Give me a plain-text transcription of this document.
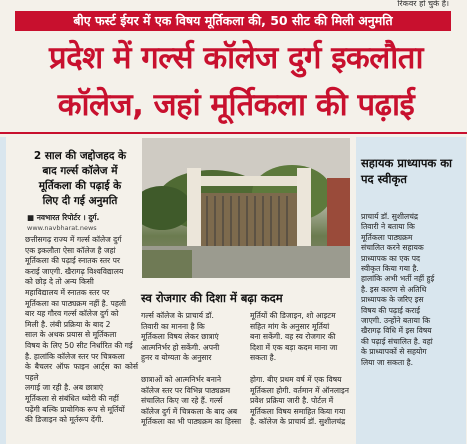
रिकवर हो चुके हैं।
बीए फर्स्ट ईयर में एक विषय मूर्तिकला की, 50 सीट की मिली अनुमति
प्रदेश में गर्ल्स कॉलेज दुर्ग इकलौता
कॉलेज, जहां मूर्तिकला की पढ़ाई
2 साल की जद्दोजहद के बाद गर्ल्स कॉलेज में मूर्तिकला की पढ़ाई के लिए दी गई अनुमति
■ नवभारत रिपोर्टर । दुर्ग.
www.navbharat.news
छत्तीसगढ़ राज्य में गर्ल्स कॉलेज दुर्ग
एक इकलौता ऐसा कॉलेज है जहां
मूर्तिकला की पढ़ाई स्नातक स्तर पर
कराई जाएगी. खैरागढ़ विश्वविद्यालय
को छोड़ दे तो अन्य किसी
महाविद्यालय में स्नातक स्तर पर
मूर्तिकला का पाठ्यक्रम नहीं है. पहली
बार यह गौरव गर्ल्स कॉलेज दुर्ग को
मिली है. लंबी प्रक्रिया के बाद 2
साल के अथक प्रयास से मूर्तिकला
विषय के लिए 50 सीट निर्धारित की गई
है. हालांकि कॉलेज स्तर पर चित्रकला
के बैचलर ऑफ फाइन आर्ट्स का कोर्स पहले
लगाई जा रही है. अब छात्राएं
मूर्तिकला से संबंधित थ्योरी की नहीं
पढ़ेंगी बल्कि प्रायोगिक रूप से मूर्तियों
की डिजाइन को मूर्तरूप देंगी.
स्व रोजगार की दिशा में बढ़ा कदम
गर्ल्स कॉलेज के प्राचार्य डॉ.
तिवारी का मानना है कि
मूर्तिकला विषय लेकर छात्राएं
आत्मनिर्भर हो सकेंगी. अपनी
हुनर व योग्यता के अनुसार
मूर्तियों की डिजाइन, शो आइटम
सहित मांग के अनुसार मूर्तियां
बना सकेंगी. वह स्व रोजगार की
दिशा में एक बड़ा कदम माना जा
सकता है.
छात्राओं को आत्मनिर्भर बनाने
कॉलेज स्तर पर विभिन्न पाठ्यक्रम
संचालित किए जा रहे हैं. गर्ल्स
कॉलेज दुर्ग में चित्रकला के बाद अब
मूर्तिकला का भी पाठ्यक्रम का हिस्सा
होगा. बीए प्रथम वर्ष में एक विषय
मूर्तिकला होगी. वर्तमान में ऑनलाइन
प्रवेश प्रक्रिया जारी है. पोर्टल में
मूर्तिकला विषय समाहित किया गया
है. कॉलेज के प्राचार्य डॉ. सुशीलचंद्र
सहायक प्राध्यापक का पद स्वीकृत
प्राचार्य डॉ. सुशीलचंद्र
तिवारी ने बताया कि
मूर्तिकला पाठ्यक्रम
संचालित करने सहायक
प्राध्यापक का एक पद
स्वीकृत किया गया है.
हालांकि अभी भर्ती नहीं हुई
है. इस कारण से अतिथि
प्राध्यापक के जरिए इस
विषय की पढ़ाई कराई
जाएगी. उन्होंने बताया कि
खैरागढ़ विधि में इस विषय
की पढ़ाई संचालित है. वहां
के प्राध्यापकों से सहयोग
लिया जा सकता है.
